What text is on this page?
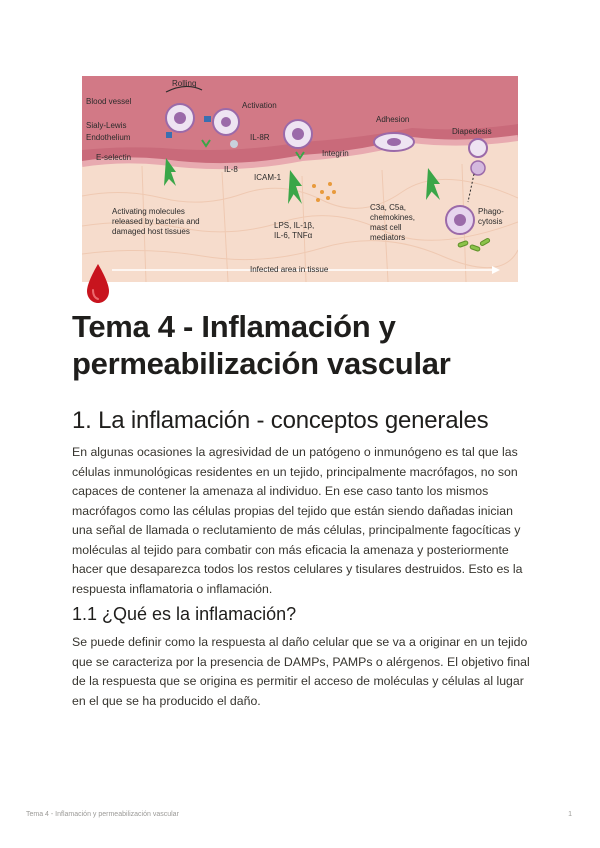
Rolling
Blood vessel
Sialy-Lewis
Endothelium
E-selectin
Activation
IL-8R
IL-8
Integrin
ICAM-1
Adhesion
Diapedesis
Activating molecules
released by bacteria and
damaged host tissues
LPS, IL-1β,
IL-6, TNFα
C3a, C5a,
chemokines,
mast cell
mediators
Phago-
cytosis
Infected area in tissue
Tema 4 - Inflamación y permeabilización vascular
1. La inflamación - conceptos generales

En algunas ocasiones la agresividad de un patógeno o inmunógeno es tal que las células inmunológicas residentes en un tejido, principalmente macrófagos, no son capaces de contener la amenaza al individuo. En ese caso tanto los mismos macrófagos como las células propias del tejido que están siendo dañadas inician una señal de llamada o reclutamiento de más células, principalmente fagocíticas y moléculas al tejido para combatir con más eficacia la amenaza y posteriormente hacer que desaparezca todos los restos celulares y tisulares destruidos. Esto es la respuesta inflamatoria o inflamación.

1.1 ¿Qué es la inflamación?

Se puede definir como la respuesta al daño celular que se va a originar en un tejido que se caracteriza por la presencia de DAMPs, PAMPs o alérgenos. El objetivo final de la respuesta que se origina es permitir el acceso de moléculas y células al lugar en el que se ha producido el daño.

Tema 4 - Inflamación y permeabilización vascular	1
